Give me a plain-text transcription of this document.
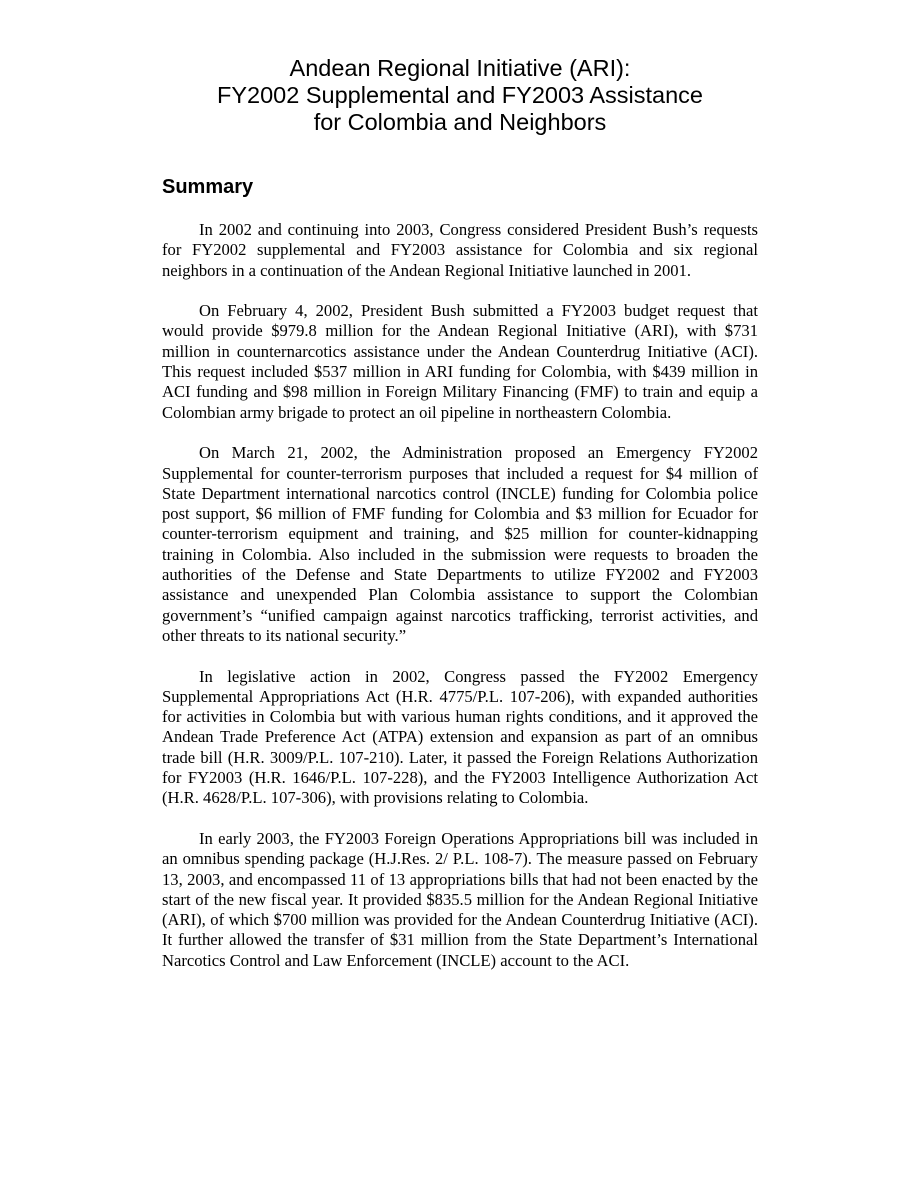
Andean Regional Initiative (ARI):
FY2002 Supplemental and FY2003 Assistance
for Colombia and Neighbors
Summary

In 2002 and continuing into 2003, Congress considered President Bush’s requests for FY2002 supplemental and FY2003 assistance for Colombia and six regional neighbors in a continuation of the Andean Regional Initiative launched in 2001.

On February 4, 2002, President Bush submitted a FY2003 budget request that would provide $979.8 million for the Andean Regional Initiative (ARI), with $731 million in counternarcotics assistance under the Andean Counterdrug Initiative (ACI). This request included $537 million in ARI funding for Colombia, with $439 million in ACI funding and $98 million in Foreign Military Financing (FMF) to train and equip a Colombian army brigade to protect an oil pipeline in northeastern Colombia.

On March 21, 2002, the Administration proposed an Emergency FY2002 Supplemental for counter-terrorism purposes that included a request for $4 million of State Department international narcotics control (INCLE) funding for Colombia police post support, $6 million of FMF funding for Colombia and $3 million for Ecuador for counter-terrorism equipment and training, and $25 million for counter-kidnapping training in Colombia. Also included in the submission were requests to broaden the authorities of the Defense and State Departments to utilize FY2002 and FY2003 assistance and unexpended Plan Colombia assistance to support the Colombian government’s “unified campaign against narcotics trafficking, terrorist activities, and other threats to its national security.”

In legislative action in 2002, Congress passed the FY2002 Emergency Supplemental Appropriations Act (H.R. 4775/P.L. 107-206), with expanded authorities for activities in Colombia but with various human rights conditions, and it approved the Andean Trade Preference Act (ATPA) extension and expansion as part of an omnibus trade bill (H.R. 3009/P.L. 107-210). Later, it passed the Foreign Relations Authorization for FY2003 (H.R. 1646/P.L. 107-228), and the FY2003 Intelligence Authorization Act (H.R. 4628/P.L. 107-306), with provisions relating to Colombia.

In early 2003, the FY2003 Foreign Operations Appropriations bill was included in an omnibus spending package (H.J.Res. 2/ P.L. 108-7). The measure passed on February 13, 2003, and encompassed 11 of 13 appropriations bills that had not been enacted by the start of the new fiscal year. It provided $835.5 million for the Andean Regional Initiative (ARI), of which $700 million was provided for the Andean Counterdrug Initiative (ACI). It further allowed the transfer of $31 million from the State Department’s International Narcotics Control and Law Enforcement (INCLE) account to the ACI.
